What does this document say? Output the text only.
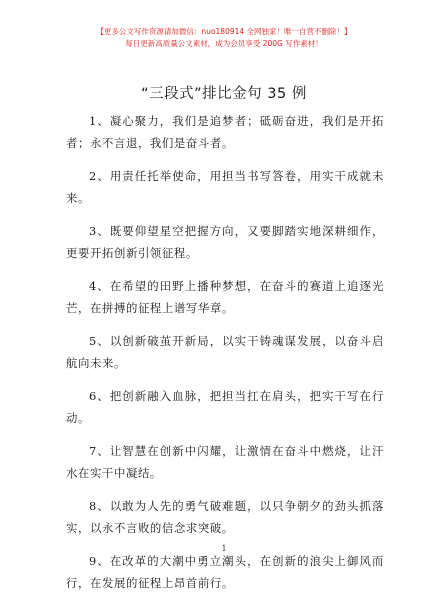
【更多公文写作资源请加微信：nuo180914 全网独家！唯一自营不删除！】
每日更新高质量公文素材，成为会员享受 200G 写作素材！
“三段式”排比金句 35 例

1、凝心聚力，我们是追梦者；砥砺奋进，我们是开拓者；永不言退，我们是奋斗者。

2、用责任托举使命，用担当书写答卷，用实干成就未来。

3、既要仰望星空把握方向，又要脚踏实地深耕细作，更要开拓创新引领征程。

4、在希望的田野上播种梦想，在奋斗的赛道上追逐光芒，在拼搏的征程上谱写华章。

5、以创新破茧开新局，以实干铸魂谋发展，以奋斗启航向未来。

6、把创新融入血脉，把担当扛在肩头，把实干写在行动。

7、让智慧在创新中闪耀，让激情在奋斗中燃烧，让汗水在实干中凝结。

8、以敢为人先的勇气破难题，以只争朝夕的劲头抓落实，以永不言败的信念求突破。

9、在改革的大潮中勇立潮头，在创新的浪尖上御风而行，在发展的征程上昂首前行。

1
